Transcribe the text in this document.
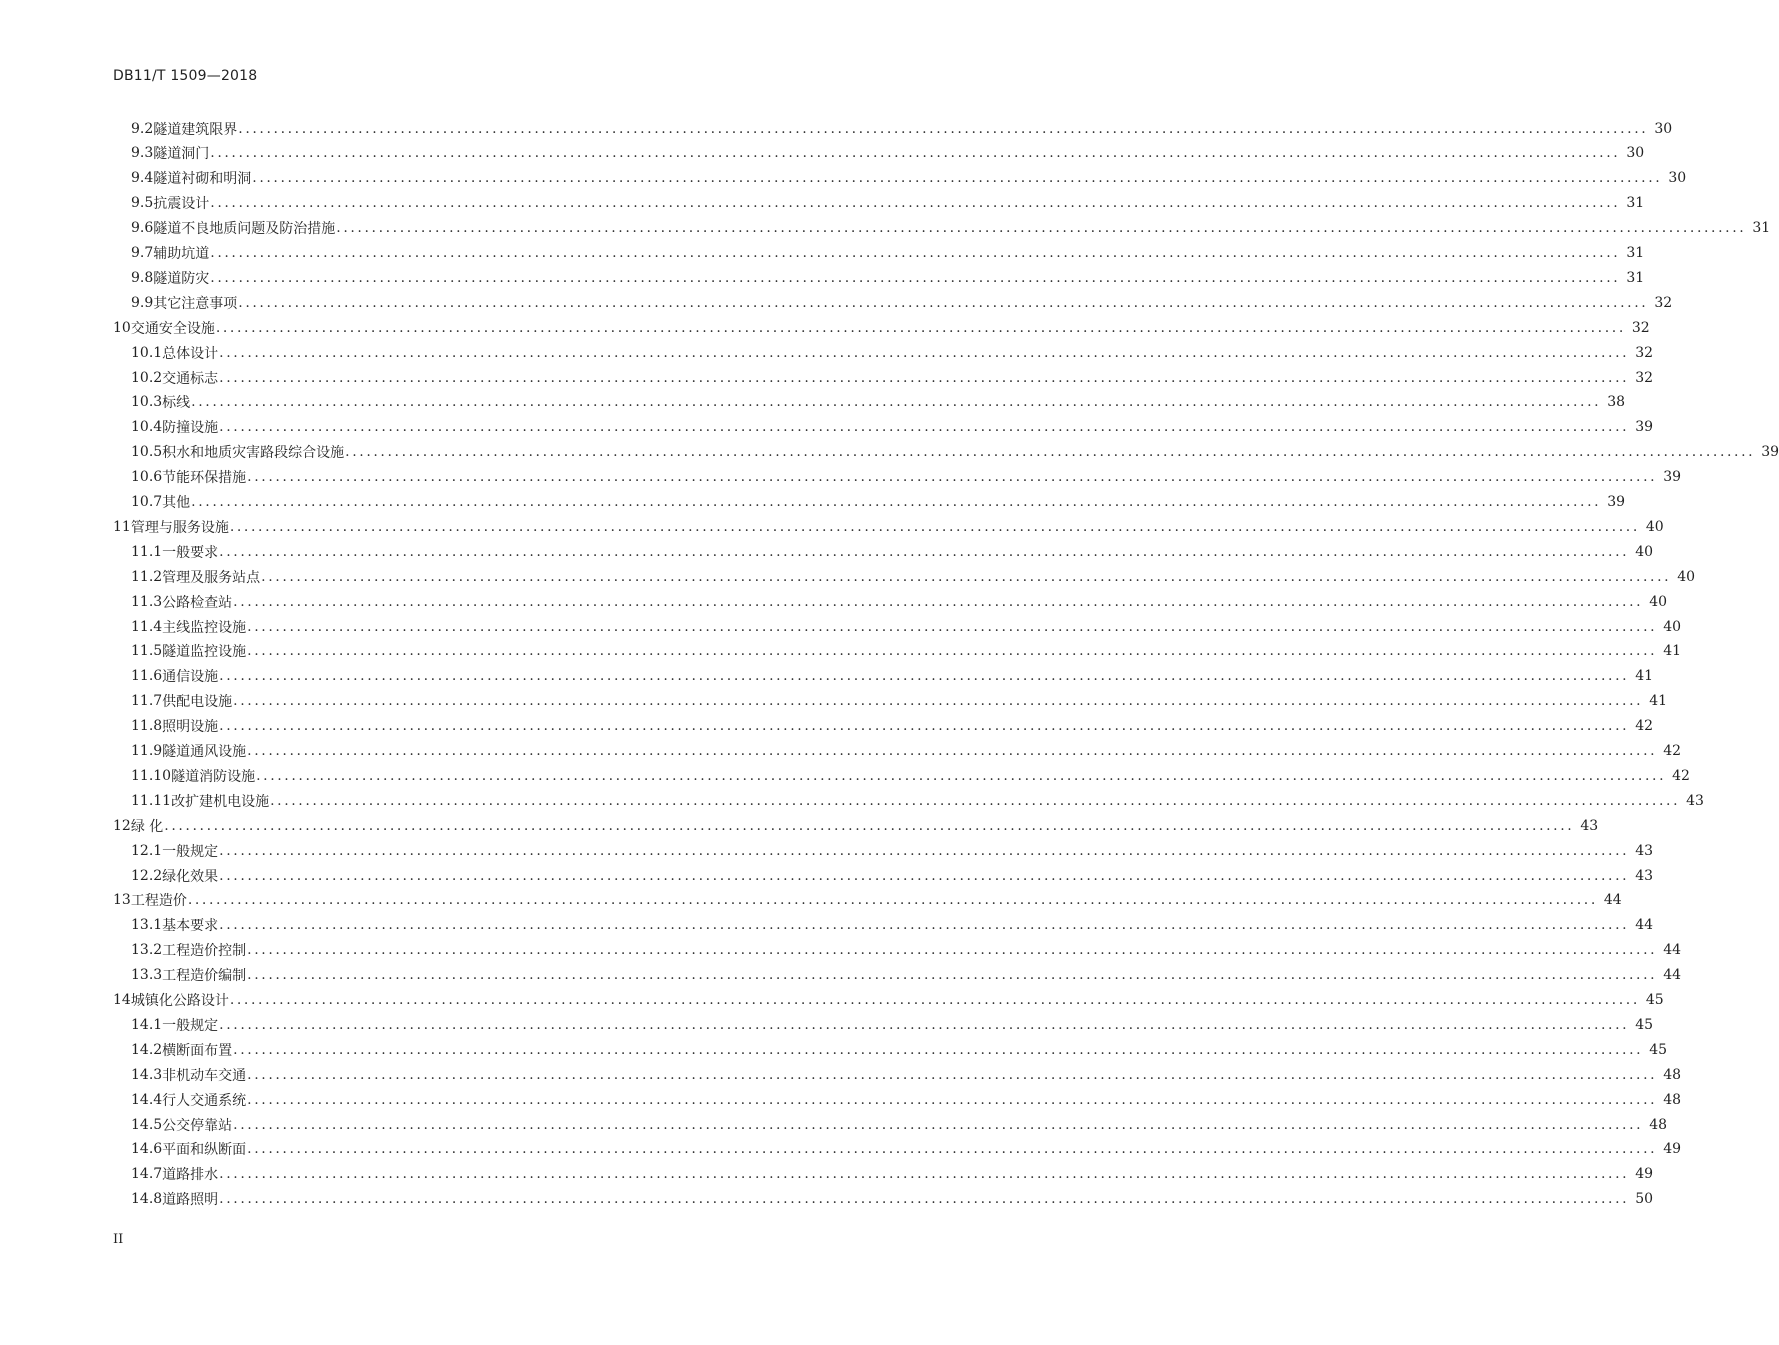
DB11/T 1509—2018
9.2 隧道建筑限界 ........................................................................................................................................................................................................ 30
9.3 隧道洞门 ........................................................................................................................................................................................................ 30
9.4 隧道衬砌和明洞 ........................................................................................................................................................................................................ 30
9.5 抗震设计 ........................................................................................................................................................................................................ 31
9.6 隧道不良地质问题及防治措施 ........................................................................................................................................................................................................ 31
9.7 辅助坑道 ........................................................................................................................................................................................................ 31
9.8 隧道防灾 ........................................................................................................................................................................................................ 31
9.9 其它注意事项 ........................................................................................................................................................................................................ 32
10 交通安全设施 ........................................................................................................................................................................................................ 32
10.1 总体设计 ........................................................................................................................................................................................................ 32
10.2 交通标志 ........................................................................................................................................................................................................ 32
10.3 标线 ........................................................................................................................................................................................................ 38
10.4 防撞设施 ........................................................................................................................................................................................................ 39
10.5 积水和地质灾害路段综合设施 ........................................................................................................................................................................................................ 39
10.6 节能环保措施 ........................................................................................................................................................................................................ 39
10.7 其他 ........................................................................................................................................................................................................ 39
11 管理与服务设施 ........................................................................................................................................................................................................ 40
11.1 一般要求 ........................................................................................................................................................................................................ 40
11.2 管理及服务站点 ........................................................................................................................................................................................................ 40
11.3 公路检查站 ........................................................................................................................................................................................................ 40
11.4 主线监控设施 ........................................................................................................................................................................................................ 40
11.5 隧道监控设施 ........................................................................................................................................................................................................ 41
11.6 通信设施 ........................................................................................................................................................................................................ 41
11.7 供配电设施 ........................................................................................................................................................................................................ 41
11.8 照明设施 ........................................................................................................................................................................................................ 42
11.9 隧道通风设施 ........................................................................................................................................................................................................ 42
11.10 隧道消防设施 ........................................................................................................................................................................................................ 42
11.11 改扩建机电设施 ........................................................................................................................................................................................................ 43
12 绿 化 ........................................................................................................................................................................................................ 43
12.1 一般规定 ........................................................................................................................................................................................................ 43
12.2 绿化效果 ........................................................................................................................................................................................................ 43
13 工程造价 ........................................................................................................................................................................................................ 44
13.1 基本要求 ........................................................................................................................................................................................................ 44
13.2 工程造价控制 ........................................................................................................................................................................................................ 44
13.3 工程造价编制 ........................................................................................................................................................................................................ 44
14 城镇化公路设计 ........................................................................................................................................................................................................ 45
14.1 一般规定 ........................................................................................................................................................................................................ 45
14.2 横断面布置 ........................................................................................................................................................................................................ 45
14.3 非机动车交通 ........................................................................................................................................................................................................ 48
14.4 行人交通系统 ........................................................................................................................................................................................................ 48
14.5 公交停靠站 ........................................................................................................................................................................................................ 48
14.6 平面和纵断面 ........................................................................................................................................................................................................ 49
14.7 道路排水 ........................................................................................................................................................................................................ 49
14.8 道路照明 ........................................................................................................................................................................................................ 50
II
